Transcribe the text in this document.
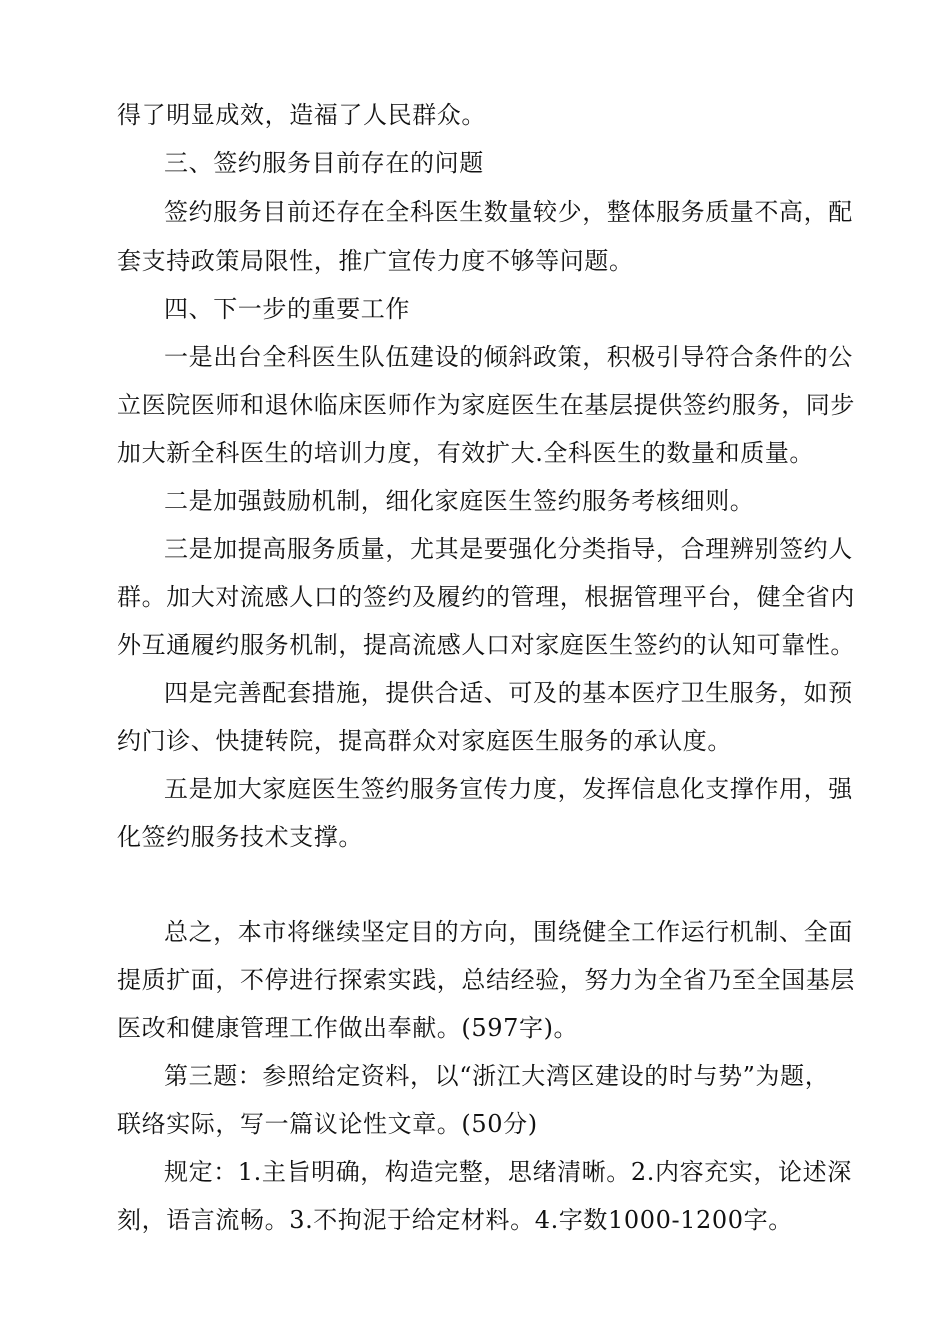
得了明显成效，造福了人民群众。
三、签约服务目前存在的问题
签约服务目前还存在全科医生数量较少，整体服务质量不高，配
套支持政策局限性，推广宣传力度不够等问题。
四、下一步的重要工作
一是出台全科医生队伍建设的倾斜政策，积极引导符合条件的公
立医院医师和退休临床医师作为家庭医生在基层提供签约服务，同步
加大新全科医生的培训力度，有效扩大.全科医生的数量和质量。
二是加强鼓励机制，细化家庭医生签约服务考核细则。
三是加提高服务质量，尤其是要强化分类指导，合理辨别签约人
群。加大对流感人口的签约及履约的管理，根据管理平台，健全省内
外互通履约服务机制，提高流感人口对家庭医生签约的认知可靠性。
四是完善配套措施，提供合适、可及的基本医疗卫生服务，如预
约门诊、快捷转院，提高群众对家庭医生服务的承认度。
五是加大家庭医生签约服务宣传力度，发挥信息化支撑作用，强
化签约服务技术支撑。
总之，本市将继续坚定目的方向，围绕健全工作运行机制、全面
提质扩面，不停进行探索实践，总结经验，努力为全省乃至全国基层
医改和健康管理工作做出奉献。(597字)。
第三题：参照给定资料，以“浙江大湾区建设的时与势”为题，
联络实际，写一篇议论性文章。(50分)
规定：1.主旨明确，构造完整，思绪清晰。2.内容充实，论述深
刻，语言流畅。3.不拘泥于给定材料。4.字数1000-1200字。
